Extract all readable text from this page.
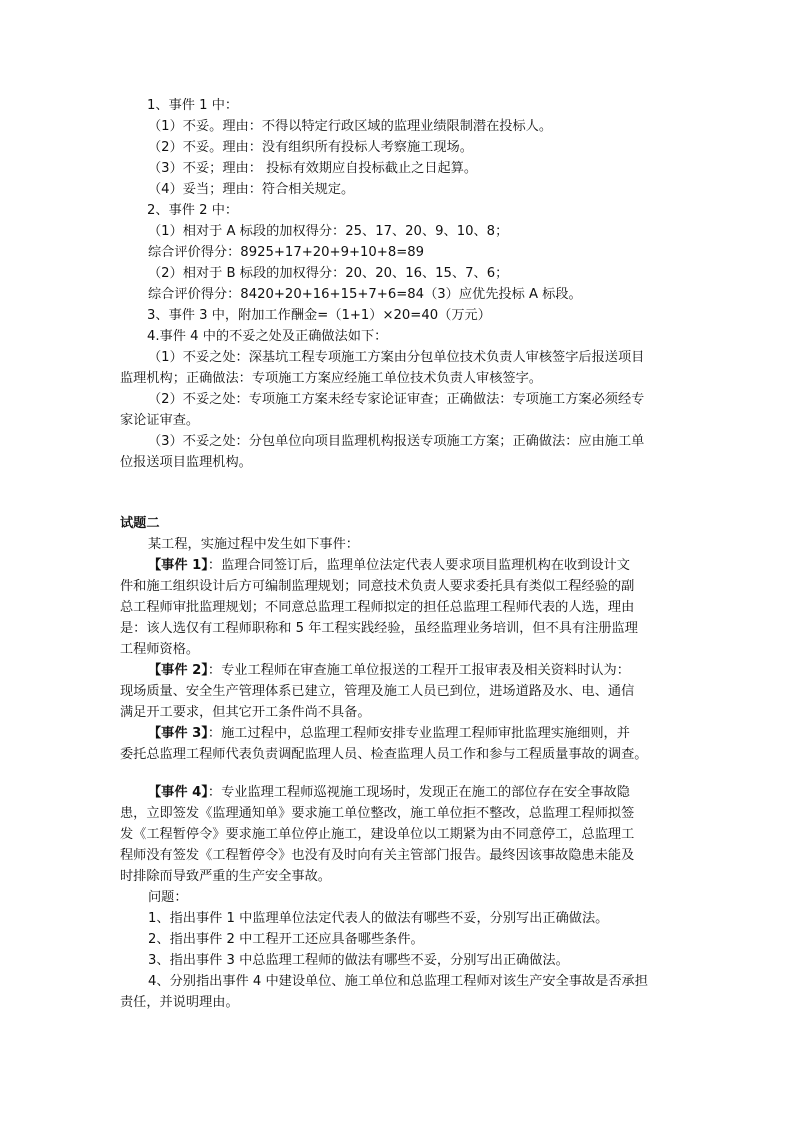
1、事件 1 中：

（1）不妥。理由：不得以特定行政区域的监理业绩限制潜在投标人。

（2）不妥。理由：没有组织所有投标人考察施工现场。

（3）不妥；理由： 投标有效期应自投标截止之日起算。

（4）妥当；理由：符合相关规定。

2、事件 2 中：

（1）相对于 A 标段的加权得分：25、17、20、9、10、8；

综合评价得分：8925+17+20+9+10+8=89

（2）相对于 B 标段的加权得分：20、20、16、15、7、6；

综合评价得分：8420+20+16+15+7+6=84（3）应优先投标 A 标段。

3、事件 3 中，附加工作酬金=（1+1）×20=40（万元）

4.事件 4 中的不妥之处及正确做法如下：

（1）不妥之处：深基坑工程专项施工方案由分包单位技术负责人审核签字后报送项目

监理机构；正确做法：专项施工方案应经施工单位技术负责人审核签字。

（2）不妥之处：专项施工方案未经专家论证审查；正确做法：专项施工方案必须经专

家论证审查。

（3）不妥之处：分包单位向项目监理机构报送专项施工方案；正确做法：应由施工单

位报送项目监理机构。

试题二

某工程，实施过程中发生如下事件：

【事件 1】：监理合同签订后，监理单位法定代表人要求项目监理机构在收到设计文

件和施工组织设计后方可编制监理规划；同意技术负责人要求委托具有类似工程经验的副

总工程师审批监理规划；不同意总监理工程师拟定的担任总监理工程师代表的人选，理由

是：该人选仅有工程师职称和 5 年工程实践经验，虽经监理业务培训，但不具有注册监理

工程师资格。

【事件 2】：专业工程师在审查施工单位报送的工程开工报审表及相关资料时认为：

现场质量、安全生产管理体系已建立，管理及施工人员已到位，进场道路及水、电、通信

满足开工要求，但其它开工条件尚不具备。

【事件 3】：施工过程中，总监理工程师安排专业监理工程师审批监理实施细则，并

委托总监理工程师代表负责调配监理人员、检查监理人员工作和参与工程质量事故的调查。

【事件 4】：专业监理工程师巡视施工现场时，发现正在施工的部位存在安全事故隐

患，立即签发《监理通知单》要求施工单位整改，施工单位拒不整改，总监理工程师拟签

发《工程暂停令》要求施工单位停止施工，建设单位以工期紧为由不同意停工，总监理工

程师没有签发《工程暂停令》也没有及时向有关主管部门报告。最终因该事故隐患未能及

时排除而导致严重的生产安全事故。

问题：

1、指出事件 1 中监理单位法定代表人的做法有哪些不妥，分别写出正确做法。

2、指出事件 2 中工程开工还应具备哪些条件。

3、指出事件 3 中总监理工程师的做法有哪些不妥，分别写出正确做法。

4、分别指出事件 4 中建设单位、施工单位和总监理工程师对该生产安全事故是否承担

责任，并说明理由。
